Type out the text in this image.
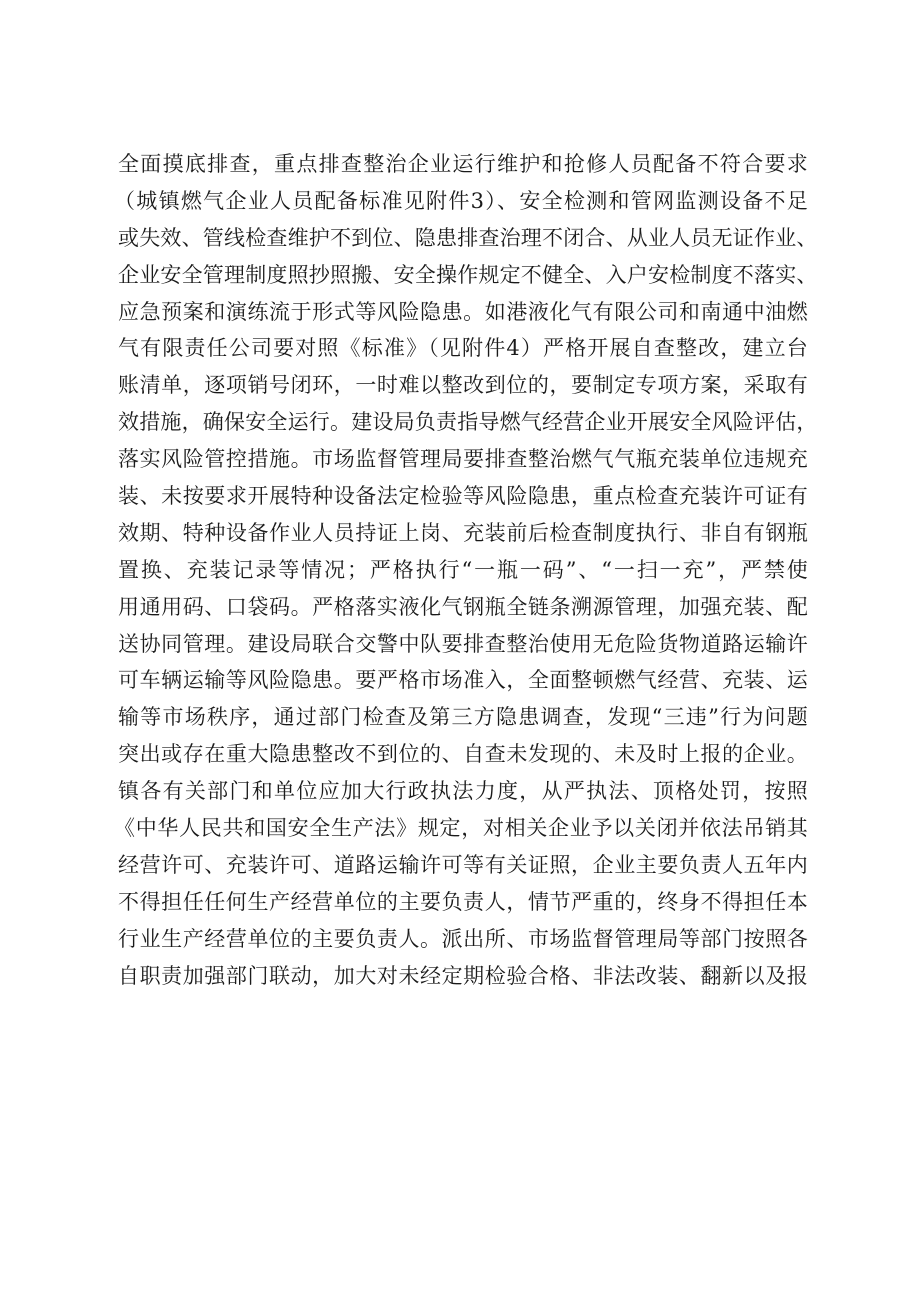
全面摸底排查，重点排查整治企业运行维护和抢修人员配备不符合要求
（城镇燃气企业人员配备标准见附件3）、安全检测和管网监测设备不足
或失效、管线检查维护不到位、隐患排查治理不闭合、从业人员无证作业、
企业安全管理制度照抄照搬、安全操作规定不健全、入户安检制度不落实、
应急预案和演练流于形式等风险隐患。如港液化气有限公司和南通中油燃
气有限责任公司要对照《标准》（见附件4）严格开展自查整改，建立台
账清单，逐项销号闭环，一时难以整改到位的，要制定专项方案，采取有
效措施，确保安全运行。建设局负责指导燃气经营企业开展安全风险评估，
落实风险管控措施。市场监督管理局要排查整治燃气气瓶充装单位违规充
装、未按要求开展特种设备法定检验等风险隐患，重点检查充装许可证有
效期、特种设备作业人员持证上岗、充装前后检查制度执行、非自有钢瓶
置换、充装记录等情况；严格执行“一瓶一码”、“一扫一充”，严禁使
用通用码、口袋码。严格落实液化气钢瓶全链条溯源管理，加强充装、配
送协同管理。建设局联合交警中队要排查整治使用无危险货物道路运输许
可车辆运输等风险隐患。要严格市场准入，全面整顿燃气经营、充装、运
输等市场秩序，通过部门检查及第三方隐患调查，发现“三违”行为问题
突出或存在重大隐患整改不到位的、自查未发现的、未及时上报的企业。
镇各有关部门和单位应加大行政执法力度，从严执法、顶格处罚，按照
《中华人民共和国安全生产法》规定，对相关企业予以关闭并依法吊销其
经营许可、充装许可、道路运输许可等有关证照，企业主要负责人五年内
不得担任任何生产经营单位的主要负责人，情节严重的，终身不得担任本
行业生产经营单位的主要负责人。派出所、市场监督管理局等部门按照各
自职责加强部门联动，加大对未经定期检验合格、非法改装、翻新以及报
